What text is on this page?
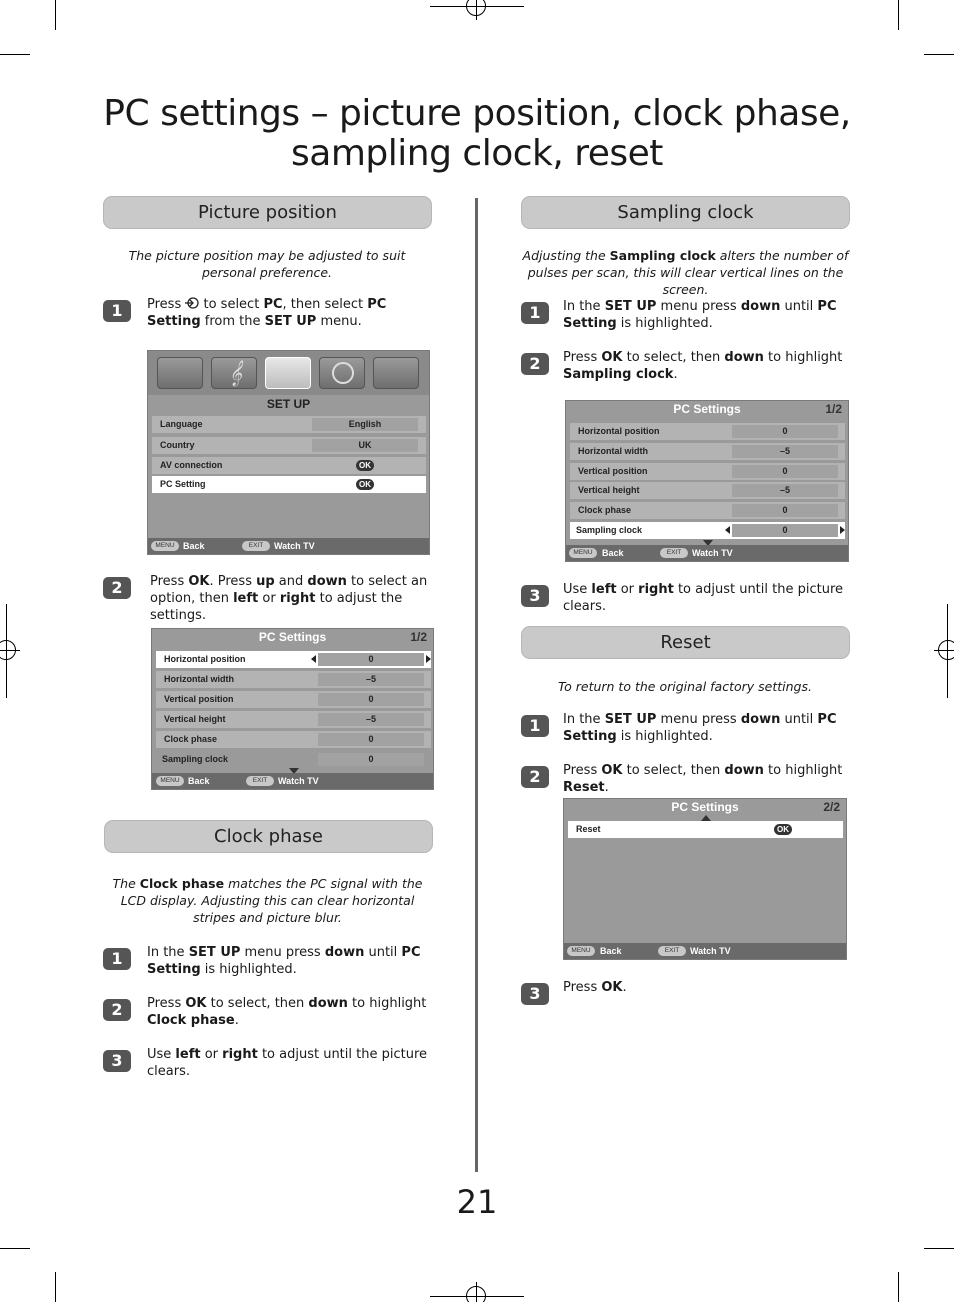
PC settings – picture position, clock phase,
sampling clock, reset
Picture position
The picture position may be adjusted to suit personal preference.
1	Press  to select PC, then select PC Setting from the SET UP menu.
𝄞
SET UP
Language	English
Country	UK
AV connection	OK
PC Setting	OK
MENU Back	EXIT	Watch TV
2	Press OK. Press up and down to select an option, then left or right to adjust the settings.
PC Settings	1/2
Horizontal position	0
Horizontal width	–5
Vertical position	0
Vertical height	–5
Clock phase	0
Sampling clock	0
MENU Back	EXIT	Watch TV
Clock phase
The Clock phase matches the PC signal with the LCD display. Adjusting this can clear horizontal stripes and picture blur.
1	In the SET UP menu press down until PC Setting is highlighted.
2	Press OK to select, then down to highlight Clock phase.
3	Use left or right to adjust until the picture clears.
Sampling clock
Adjusting the Sampling clock alters the number of pulses per scan, this will clear vertical lines on the screen.
1	In the SET UP menu press down until PC Setting is highlighted.
2	Press OK to select, then down to highlight Sampling clock.
PC Settings	1/2
Horizontal position	0
Horizontal width	–5
Vertical position	0
Vertical height	–5
Clock phase	0
Sampling clock	0
MENU	Back	EXIT	Watch TV
3	Use left or right to adjust until the picture clears.
Reset
To return to the original factory settings.
1	In the SET UP menu press down until PC Setting is highlighted.
2	Press OK to select, then down to highlight Reset.
PC Settings	2/2
Reset	OK
MENU	Back	EXIT	Watch TV
3	Press OK.
21
